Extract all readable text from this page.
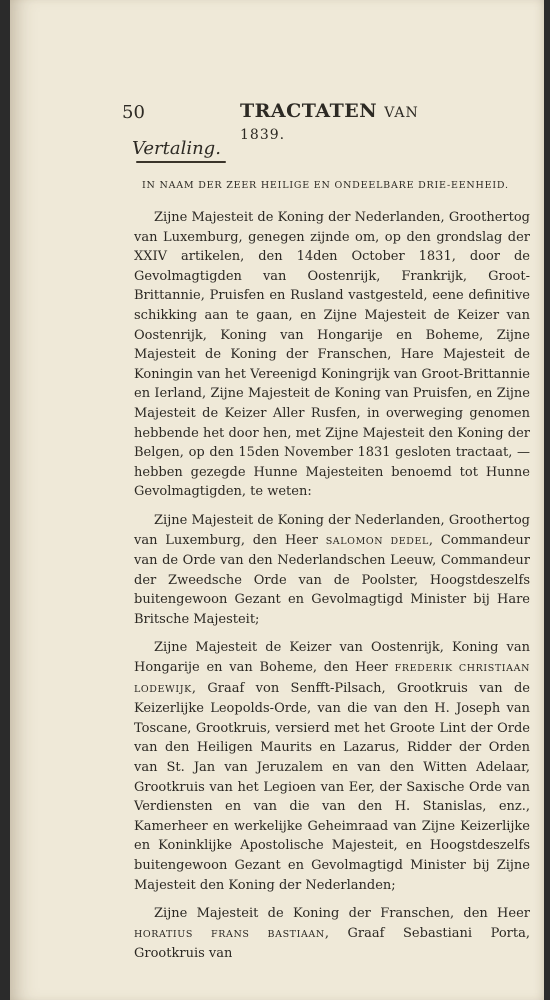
50	TRACTATEN VAN 1839.
Vertaling.
IN NAAM DER ZEER HEILIGE EN ONDEELBARE DRIE-EENHEID.

Zijne Majesteit de Koning der Nederlanden, Groothertog van Luxemburg, genegen zijnde om, op den grondslag der XXIV artikelen, den 14den October 1831, door de Gevolmagtigden van Oostenrijk, Frankrijk, Groot-Brittannie, Pruisfen en Rusland vastgesteld, eene definitive schikking aan te gaan, en Zijne Majesteit de Keizer van Oostenrijk, Koning van Hongarije en Boheme, Zijne Majesteit de Koning der Franschen, Hare Majesteit de Koningin van het Vereenigd Koningrijk van Groot-Brittannie en Ierland, Zijne Majesteit de Koning van Pruisfen, en Zijne Majesteit de Keizer Aller Rusfen, in overweging genomen hebbende het door hen, met Zijne Majesteit den Koning der Belgen, op den 15den November 1831 gesloten tractaat, — hebben gezegde Hunne Majesteiten benoemd tot Hunne Gevolmagtigden, te weten:

Zijne Majesteit de Koning der Nederlanden, Groothertog van Luxemburg, den Heer SALOMON DEDEL, Commandeur van de Orde van den Nederlandschen Leeuw, Commandeur der Zweedsche Orde van de Poolster, Hoogstdeszelfs buitengewoon Gezant en Gevolmagtigd Minister bij Hare Britsche Majesteit;

Zijne Majesteit de Keizer van Oostenrijk, Koning van Hongarije en van Boheme, den Heer FREDERIK CHRISTIAAN LODEWIJK, Graaf von Senfft-Pilsach, Grootkruis van de Keizerlijke Leopolds-Orde, van die van den H. Joseph van Toscane, Grootkruis, versierd met het Groote Lint der Orde van den Heiligen Maurits en Lazarus, Ridder der Orden van St. Jan van Jeruzalem en van den Witten Adelaar, Grootkruis van het Legioen van Eer, der Saxische Orde van Verdiensten en van die van den H. Stanislas, enz., Kamerheer en werkelijke Geheimraad van Zijne Keizerlijke en Koninklijke Apostolische Majesteit, en Hoogstdeszelfs buitengewoon Gezant en Gevolmagtigd Minister bij Zijne Majesteit den Koning der Nederlanden;

Zijne Majesteit de Koning der Franschen, den Heer HORATIUS FRANS BASTIAAN, Graaf Sebastiani Porta, Grootkruis van
